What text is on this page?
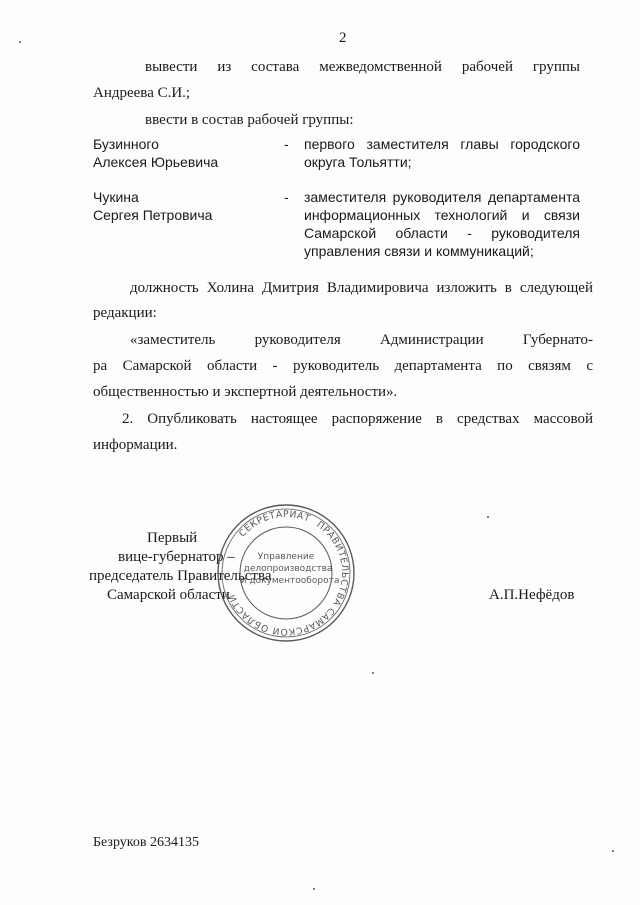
2
вывести из состава межведомственной рабочей группы
Андреева С.И.;
ввести в состав рабочей группы:
Бузинного
Алексея Юрьевича
- первого заместителя главы городского
округа Тольятти;
Чукина
Сергея Петровича
- заместителя руководителя департамента
информационных технологий и связи
Самарской области - руководителя
управления связи и коммуникаций;
должность Холина Дмитрия Владимировича изложить в следующей
редакции:
«заместитель	руководителя	Администрации	Губернато-
ра Самарской области - руководитель департамента по связям с
общественностью и экспертной деятельности».
2. Опубликовать настоящее распоряжение в средствах массовой
информации.
Первый
вице-губернатор –
председатель Правительства
Самарской области	А.П.Нефёдов
ПРАВИТЕЛЬСТВА САМАРСКОЙ ОБЛАСТИ
СЕКРЕТАРИАТ
Управление
делопроизводства
и документооборота
Безруков 2634135
